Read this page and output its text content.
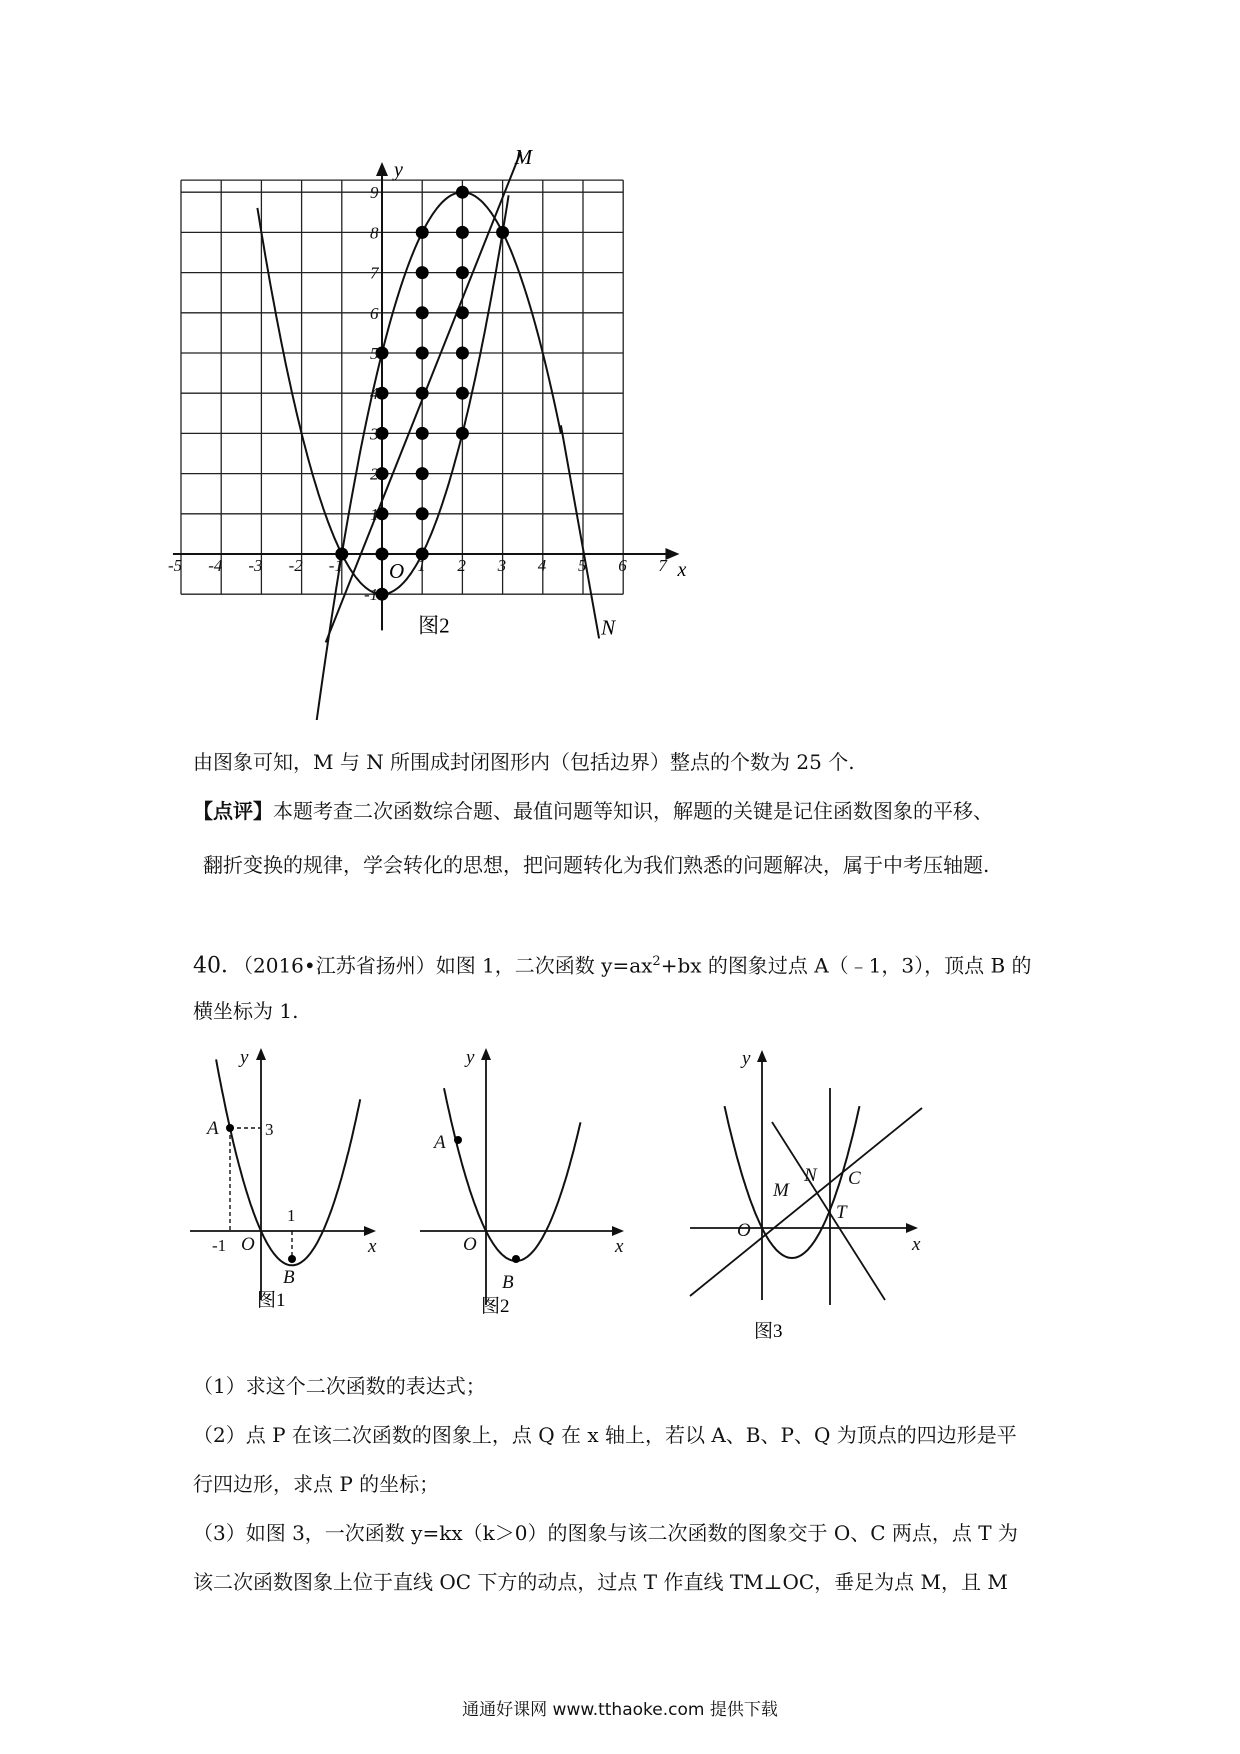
-5 -4 -3 -2 -1	1 2 3 4 5 6 7
-1
1
2
3
4
5
6
7
8
9
y
x
O
M
N
图2
由图象可知，M 与 N 所围成封闭图形内（包括边界）整点的个数为 25 个.
【点评】本题考查二次函数综合题、最值问题等知识，解题的关键是记住函数图象的平移、
翻折变换的规律，学会转化的思想，把问题转化为我们熟悉的问题解决，属于中考压轴题.
40．（2016•江苏省扬州）如图 1，二次函数 $y=ax^2+bx$ 的图象过点 A（﹣1，3），顶点 B 的
横坐标为 1.
A
B
O	x
y
3
1
-1
图1
A
B
O	x
y
图2
O
M
N C
T
x
y
图3
（1）求这个二次函数的表达式；
（2）点 P 在该二次函数的图象上，点 Q 在 x 轴上，若以 A、B、P、Q 为顶点的四边形是平
行四边形，求点 P 的坐标；
（3）如图 3，一次函数 y=kx（k＞0）的图象与该二次函数的图象交于 O、C 两点，点 T 为
该二次函数图象上位于直线 OC 下方的动点，过点 T 作直线 TM⊥OC，垂足为点 M，且 M
通通好课网 www.tthaoke.com 提供下载
